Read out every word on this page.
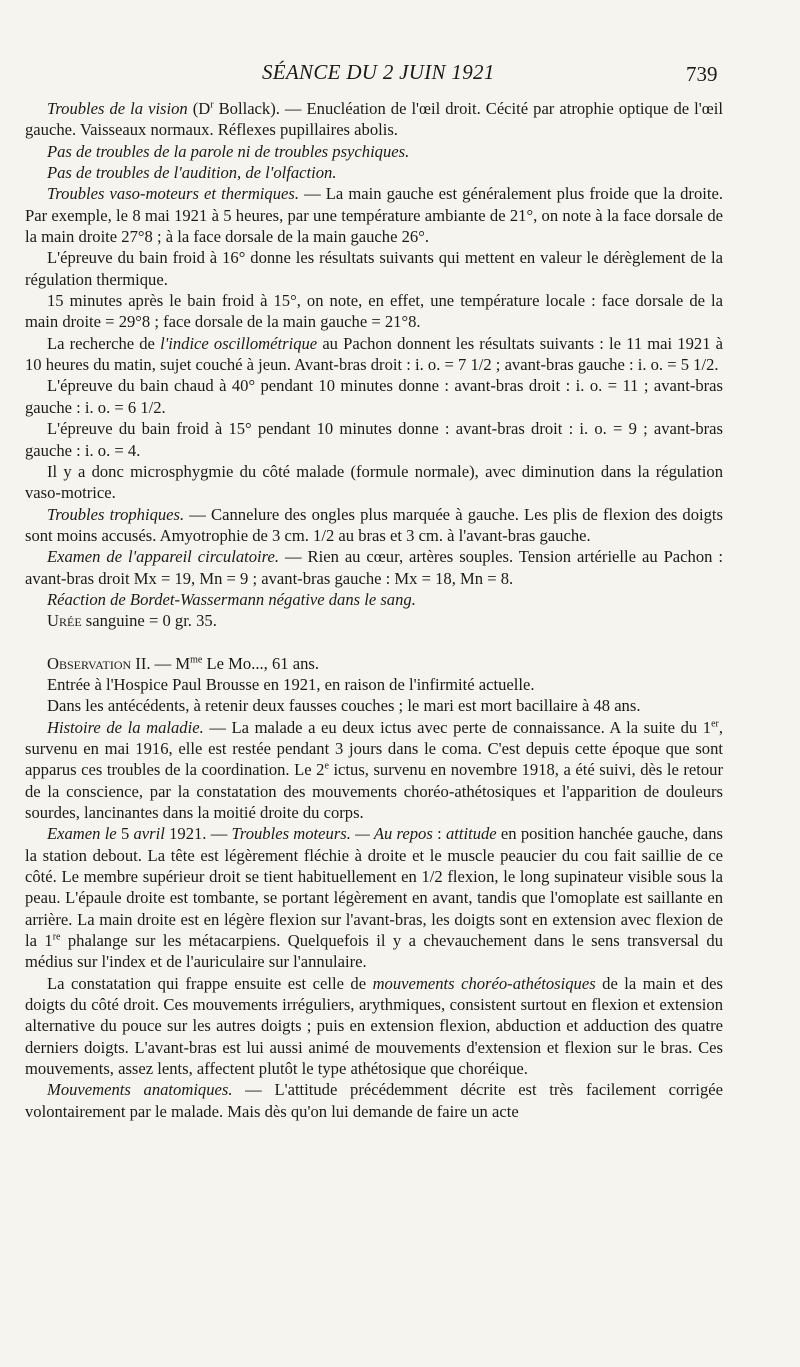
SÉANCE DU 2 JUIN 1921	739

Troubles de la vision ($D^r$ Bollack). — Enucléation de l'œil droit. Cécité par atrophie optique de l'œil gauche. Vaisseaux normaux. Réflexes pupillaires abolis.

Pas de troubles de la parole ni de troubles psychiques.

Pas de troubles de l'audition, de l'olfaction.

Troubles vaso-moteurs et thermiques. — La main gauche est généralement plus froide que la droite. Par exemple, le 8 mai 1921 à 5 heures, par une température ambiante de 21°, on note à la face dorsale de la main droite 27°8 ; à la face dorsale de la main gauche 26°.

L'épreuve du bain froid à 16° donne les résultats suivants qui mettent en valeur le dérèglement de la régulation thermique.

15 minutes après le bain froid à 15°, on note, en effet, une température locale : face dorsale de la main droite = 29°8 ; face dorsale de la main gauche = 21°8.

La recherche de l'indice oscillométrique au Pachon donnent les résultats suivants : le 11 mai 1921 à 10 heures du matin, sujet couché à jeun. Avant-bras droit : i. o. = 7 1/2 ; avant-bras gauche : i. o. = 5 1/2.

L'épreuve du bain chaud à 40° pendant 10 minutes donne : avant-bras droit : i. o. = 11 ; avant-bras gauche : i. o. = 6 1/2.

L'épreuve du bain froid à 15° pendant 10 minutes donne : avant-bras droit : i. o. = 9 ; avant-bras gauche : i. o. = 4.

Il y a donc microsphygmie du côté malade (formule normale), avec diminution dans la régulation vaso-motrice.

Troubles trophiques. — Cannelure des ongles plus marquée à gauche. Les plis de flexion des doigts sont moins accusés. Amyotrophie de 3 cm. 1/2 au bras et 3 cm. à l'avant-bras gauche.

Examen de l'appareil circulatoire. — Rien au cœur, artères souples. Tension artérielle au Pachon : avant-bras droit Mx = 19, Mn = 9 ; avant-bras gauche : Mx = 18, Mn = 8.

Réaction de Bordet-Wassermann négative dans le sang.

Urée sanguine = 0 gr. 35.

Observation II. — $M^{me}$ Le Mo..., 61 ans.

Entrée à l'Hospice Paul Brousse en 1921, en raison de l'infirmité actuelle.

Dans les antécédents, à retenir deux fausses couches ; le mari est mort bacillaire à 48 ans.

Histoire de la maladie. — La malade a eu deux ictus avec perte de connaissance. A la suite du 1er, survenu en mai 1916, elle est restée pendant 3 jours dans le coma. C'est depuis cette époque que sont apparus ces troubles de la coordination. Le 2e ictus, survenu en novembre 1918, a été suivi, dès le retour de la conscience, par la constatation des mouvements choréo-athétosiques et l'apparition de douleurs sourdes, lancinantes dans la moitié droite du corps.

Examen le 5 avril 1921. — Troubles moteurs. — Au repos : attitude en position hanchée gauche, dans la station debout. La tête est légèrement fléchie à droite et le muscle peaucier du cou fait saillie de ce côté. Le membre supérieur droit se tient habituellement en 1/2 flexion, le long supinateur visible sous la peau. L'épaule droite est tombante, se portant légèrement en avant, tandis que l'omoplate est saillante en arrière. La main droite est en légère flexion sur l'avant-bras, les doigts sont en extension avec flexion de la 1re phalange sur les métacarpiens. Quelquefois il y a chevauchement dans le sens transversal du médius sur l'index et de l'auriculaire sur l'annulaire.

La constatation qui frappe ensuite est celle de mouvements choréo-athétosiques de la main et des doigts du côté droit. Ces mouvements irréguliers, arythmiques, consistent surtout en flexion et extension alternative du pouce sur les autres doigts ; puis en extension flexion, abduction et adduction des quatre derniers doigts. L'avant-bras est lui aussi animé de mouvements d'extension et flexion sur le bras. Ces mouvements, assez lents, affectent plutôt le type athétosique que choréique.

Mouvements anatomiques. — L'attitude précédemment décrite est très facilement corrigée volontairement par le malade. Mais dès qu'on lui demande de faire un acte
